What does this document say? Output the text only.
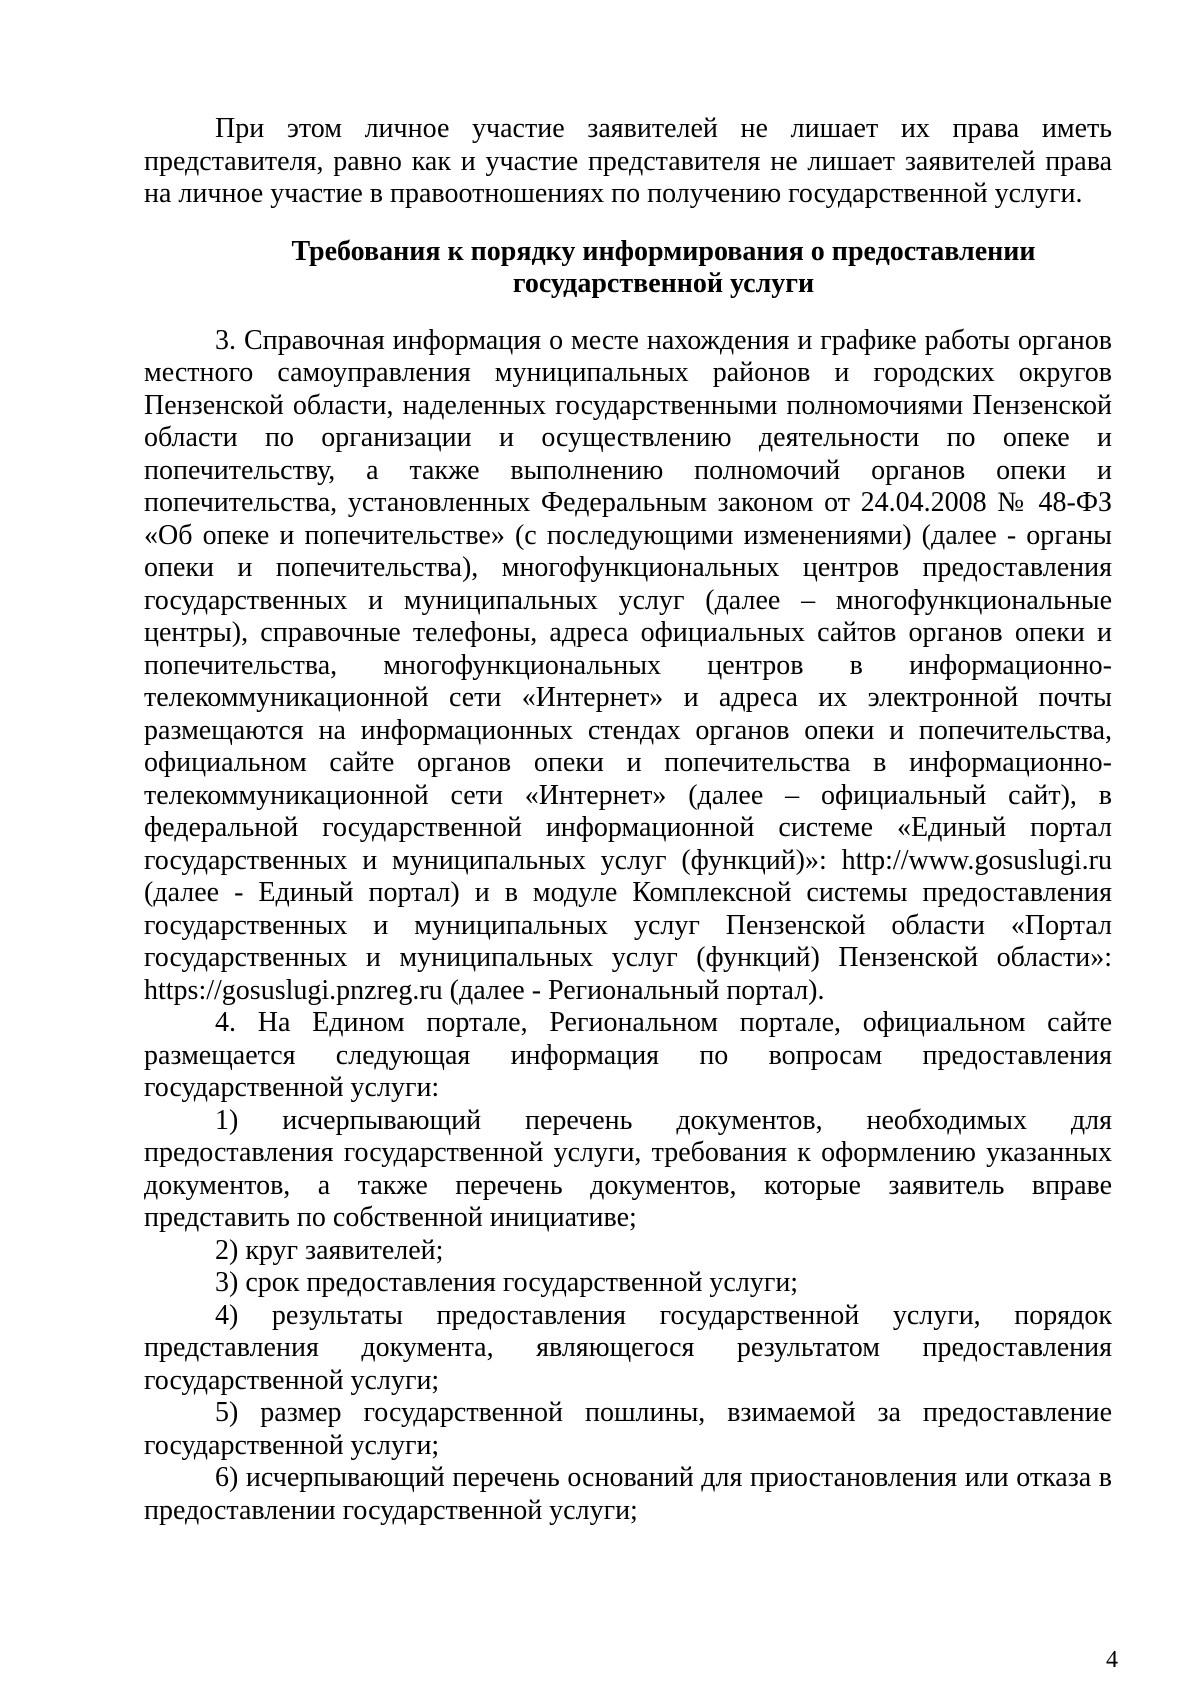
При этом личное участие заявителей не лишает их права иметь представителя, равно как и участие представителя не лишает заявителей права на личное участие в правоотношениях по получению государственной услуги.

Требования к порядку информирования о предоставлении
государственной услуги

3. Справочная информация о месте нахождения и графике работы органов местного самоуправления муниципальных районов и городских округов Пензенской области, наделенных государственными полномочиями Пензенской области по организации и осуществлению деятельности по опеке и попечительству, а также выполнению полномочий органов опеки и попечительства, установленных Федеральным законом от 24.04.2008 № 48-ФЗ «Об опеке и попечительстве» (с последующими изменениями) (далее - органы опеки и попечительства), многофункциональных центров предоставления государственных и муниципальных услуг (далее – многофункциональные центры), справочные телефоны, адреса официальных сайтов органов опеки и попечительства, многофункциональных центров в информационно-телекоммуникационной сети «Интернет» и адреса их электронной почты размещаются на информационных стендах органов опеки и попечительства, официальном сайте органов опеки и попечительства в информационно-телекоммуникационной сети «Интернет» (далее – официальный сайт), в федеральной государственной информационной системе «Единый портал государственных и муниципальных услуг (функций)»: http://www.gosuslugi.ru (далее - Единый портал) и в модуле Комплексной системы предоставления государственных и муниципальных услуг Пензенской области «Портал государственных и муниципальных услуг (функций) Пензенской области»: https://gosuslugi.pnzreg.ru (далее - Региональный портал).

4. На Едином портале, Региональном портале, официальном сайте размещается следующая информация по вопросам предоставления государственной услуги:

1) исчерпывающий перечень документов, необходимых для предоставления государственной услуги, требования к оформлению указанных документов, а также перечень документов, которые заявитель вправе представить по собственной инициативе;

2) круг заявителей;

3) срок предоставления государственной услуги;

4) результаты предоставления государственной услуги, порядок представления документа, являющегося результатом предоставления государственной услуги;

5) размер государственной пошлины, взимаемой за предоставление государственной услуги;

6) исчерпывающий перечень оснований для приостановления или отказа в предоставлении государственной услуги;

4
